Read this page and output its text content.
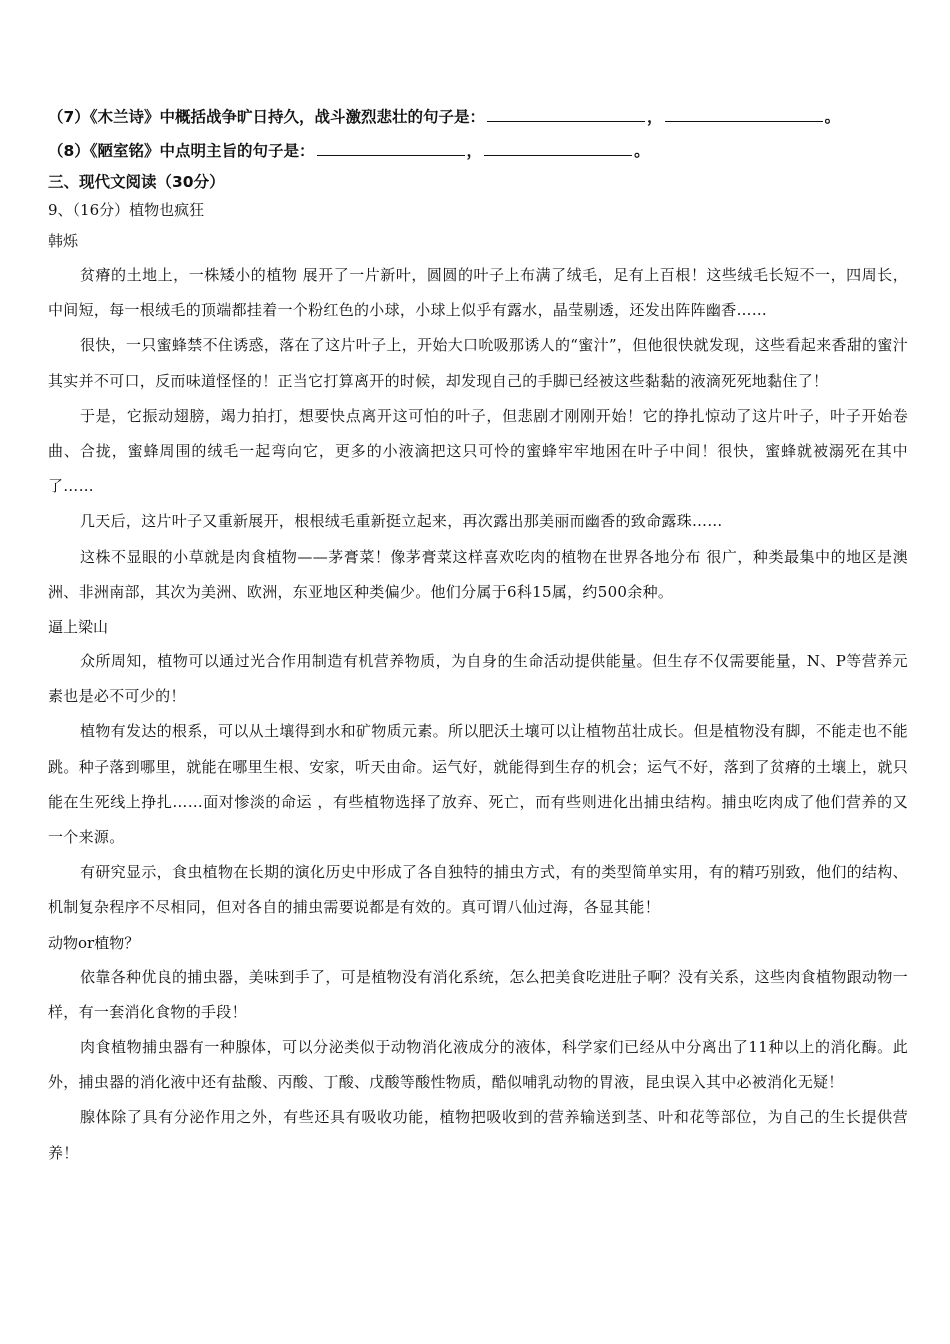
（7）《木兰诗》中概括战争旷日持久，战斗激烈悲壮的句子是：	，	。
（8）《陋室铭》中点明主旨的句子是：	，	。
三、现代文阅读（30分）
9、（16分）植物也疯狂
韩烁

贫瘠的土地上，一株矮小的植物 展开了一片新叶，圆圆的叶子上布满了绒毛，足有上百根！这些绒毛长短不一，四周长，中间短，每一根绒毛的顶端都挂着一个粉红色的小球，小球上似乎有露水，晶莹剔透，还发出阵阵幽香……

很快，一只蜜蜂禁不住诱惑，落在了这片叶子上，开始大口吮吸那诱人的“蜜汁”，但他很快就发现，这些看起来香甜的蜜汁其实并不可口，反而味道怪怪的！正当它打算离开的时候，却发现自己的手脚已经被这些黏黏的液滴死死地黏住了！

于是，它振动翅膀，竭力拍打，想要快点离开这可怕的叶子，但悲剧才刚刚开始！它的挣扎惊动了这片叶子，叶子开始卷曲、合拢，蜜蜂周围的绒毛一起弯向它，更多的小液滴把这只可怜的蜜蜂牢牢地困在叶子中间！很快，蜜蜂就被溺死在其中了……

几天后，这片叶子又重新展开，根根绒毛重新挺立起来，再次露出那美丽而幽香的致命露珠……

这株不显眼的小草就是肉食植物——茅膏菜！像茅膏菜这样喜欢吃肉的植物在世界各地分布 很广，种类最集中的地区是澳洲、非洲南部，其次为美洲、欧洲，东亚地区种类偏少。他们分属于6科15属，约500余种。

逼上梁山

众所周知，植物可以通过光合作用制造有机营养物质，为自身的生命活动提供能量。但生存不仅需要能量，N、P等营养元素也是必不可少的！

植物有发达的根系，可以从土壤得到水和矿物质元素。所以肥沃土壤可以让植物茁壮成长。但是植物没有脚，不能走也不能跳。种子落到哪里，就能在哪里生根、安家，听天由命。运气好，就能得到生存的机会；运气不好，落到了贫瘠的土壤上，就只能在生死线上挣扎……面对惨淡的命运 ，有些植物选择了放弃、死亡，而有些则进化出捕虫结构。捕虫吃肉成了他们营养的又一个来源。

有研究显示，食虫植物在长期的演化历史中形成了各自独特的捕虫方式，有的类型简单实用，有的精巧别致，他们的结构、机制复杂程序不尽相同，但对各自的捕虫需要说都是有效的。真可谓八仙过海，各显其能！

动物or植物？

依靠各种优良的捕虫器，美味到手了，可是植物没有消化系统，怎么把美食吃进肚子啊？没有关系，这些肉食植物跟动物一样，有一套消化食物的手段！

肉食植物捕虫器有一种腺体，可以分泌类似于动物消化液成分的液体，科学家们已经从中分离出了11种以上的消化酶。此外，捕虫器的消化液中还有盐酸、丙酸、丁酸、戊酸等酸性物质，酷似哺乳动物的胃液，昆虫误入其中必被消化无疑！

腺体除了具有分泌作用之外，有些还具有吸收功能，植物把吸收到的营养输送到茎、叶和花等部位，为自己的生长提供营养！
